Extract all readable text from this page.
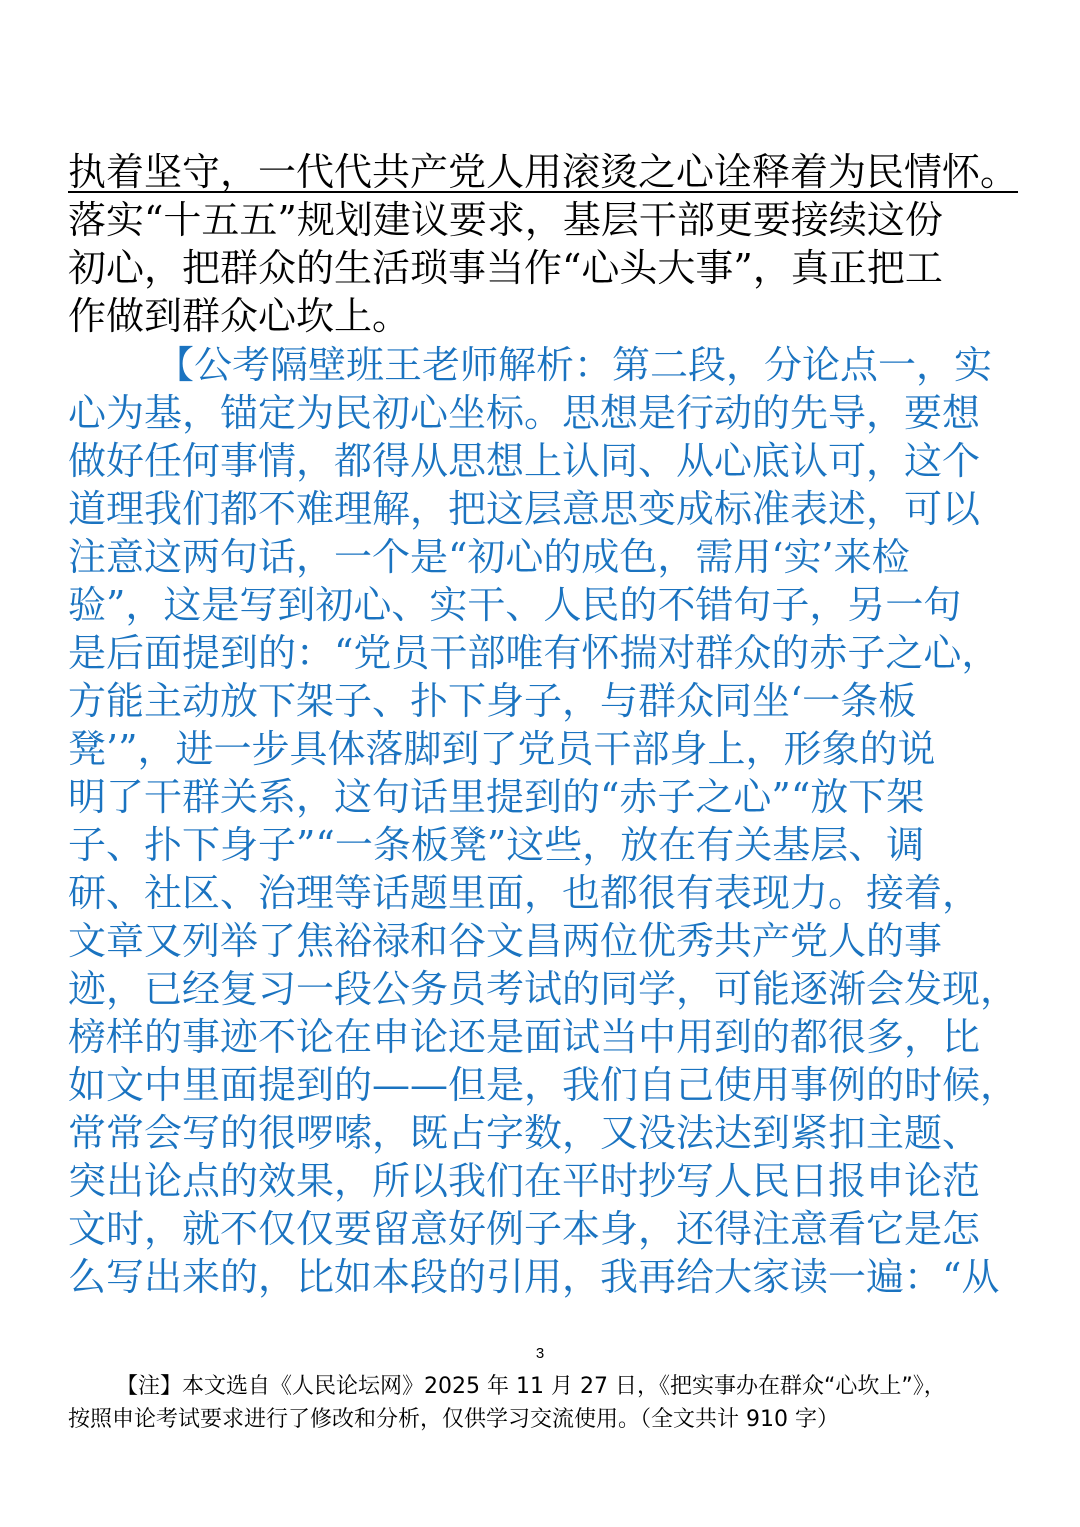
执着坚守，一代代共产党人用滚烫之心诠释着为民情怀。
落实“十五五”规划建议要求，基层干部更要接续这份
初心，把群众的生活琐事当作“心头大事”，真正把工
作做到群众心坎上。
【公考隔壁班王老师解析：第二段，分论点一，实
心为基，锚定为民初心坐标。思想是行动的先导，要想
做好任何事情，都得从思想上认同、从心底认可，这个
道理我们都不难理解，把这层意思变成标准表述，可以
注意这两句话，一个是“初心的成色，需用‘实’来检
验”，这是写到初心、实干、人民的不错句子，另一句
是后面提到的：“党员干部唯有怀揣对群众的赤子之心，
方能主动放下架子、扑下身子，与群众同坐‘一条板
凳’”，进一步具体落脚到了党员干部身上，形象的说
明了干群关系，这句话里提到的“赤子之心”“放下架
子、扑下身子”“一条板凳”这些，放在有关基层、调
研、社区、治理等话题里面，也都很有表现力。接着，
文章又列举了焦裕禄和谷文昌两位优秀共产党人的事
迹，已经复习一段公务员考试的同学，可能逐渐会发现，
榜样的事迹不论在申论还是面试当中用到的都很多，比
如文中里面提到的——但是，我们自己使用事例的时候，
常常会写的很啰嗦，既占字数，又没法达到紧扣主题、
突出论点的效果，所以我们在平时抄写人民日报申论范
文时，就不仅仅要留意好例子本身，还得注意看它是怎
么写出来的，比如本段的引用，我再给大家读一遍：“从
3
【注】本文选自《人民论坛网》2025 年 11 月 27 日，《把实事办在群众“心坎上”》，
按照申论考试要求进行了修改和分析，仅供学习交流使用。（全文共计 910 字）
